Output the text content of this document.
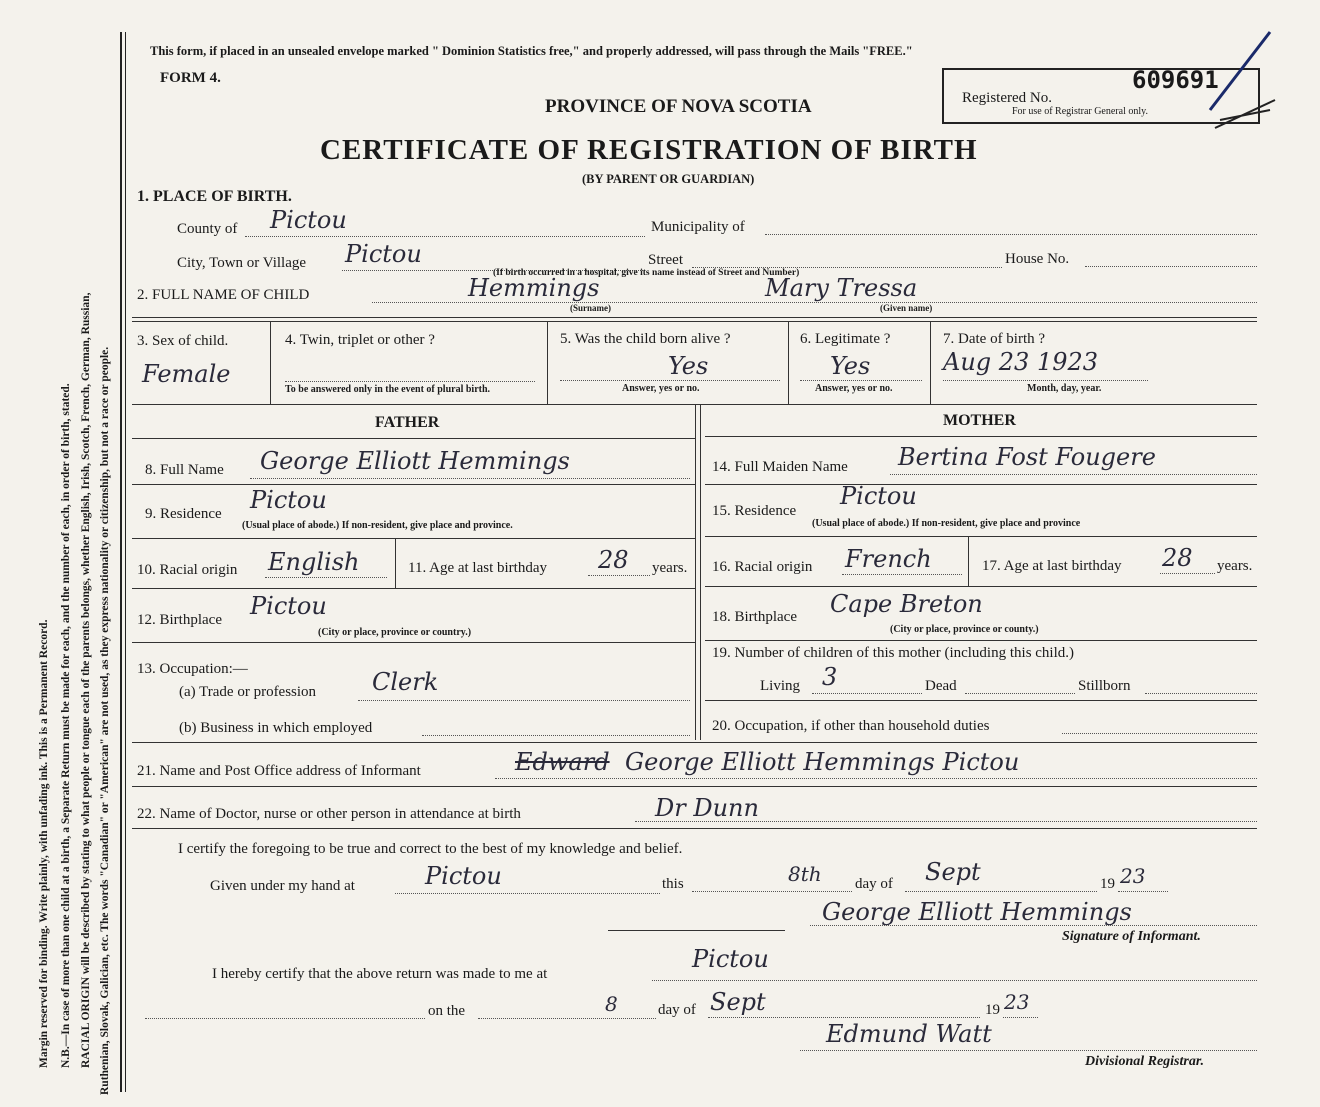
Margin reserved for binding. Write plainly, with unfading ink. This is a Permanent Record. N.B.—In case of more than one child at a birth, a Separate Return must be made for each, and the number of each, in order of birth, stated. RACIAL ORIGIN will be described by stating to what people or tongue each of the parents belongs, whether English, Irish, Scotch, French, German, Russian, Ruthenian, Slovak, Galician, etc. The words "Canadian" or "American" are not used, as they express nationality or citizenship, but not a race or people.
This form, if placed in an unsealed envelope marked " Dominion Statistics free," and properly addressed, will pass through the Mails "FREE."
FORM 4.
PROVINCE OF NOVA SCOTIA
CERTIFICATE OF REGISTRATION OF BIRTH
(BY PARENT OR GUARDIAN)
Registered No.
609691
For use of Registrar General only.
1. PLACE OF BIRTH.
County of Pictou	Municipality of
City, Town or Village Pictou	Street	House No.
(If birth occurred in a hospital, give its name instead of Street and Number)
2. FULL NAME OF CHILD	Hemmings
(Surname)
Mary Tressa
(Given name)
3. Sex of child.
Female
4. Twin, triplet or other ?
To be answered only in the event of plural birth.
5. Was the child born alive ?
Yes
Answer, yes or no.
6. Legitimate ?
Yes
Answer, yes or no.
7. Date of birth ?
Aug 23 1923
Month, day, year.
FATHER	MOTHER
8. Full Name George Elliott Hemmings
9. Residence Pictou
(Usual place of abode.) If non-resident, give place and province.
10. Racial origin English	11. Age at last birthday 28 years.
12. Birthplace Pictou
(City or place, province or country.)
13. Occupation:—
(a) Trade or profession Clerk
(b) Business in which employed
14. Full Maiden Name Bertina Fost Fougere
15. Residence
Pictou
(Usual place of abode.) If non-resident, give place and province
16. Racial origin French	17. Age at last birthday 28 years.
18. Birthplace Cape Breton
(City or place, province or county.)
19. Number of children of this mother (including this child.)
Living 3	Dead	Stillborn
20. Occupation, if other than household duties
21. Name and Post Office address of Informant	Edward George Elliott Hemmings Pictou
22. Name of Doctor, nurse or other person in attendance at birth	Dr Dunn
I certify the foregoing to be true and correct to the best of my knowledge and belief.
Given under my hand at	Pictou	this	8th day of Sept	19 23
George Elliott Hemmings
Signature of Informant.
I hereby certify that the above return was made to me at
Pictou
on the	8	day of Sept	19 23
Edmund Watt
Divisional Registrar.
